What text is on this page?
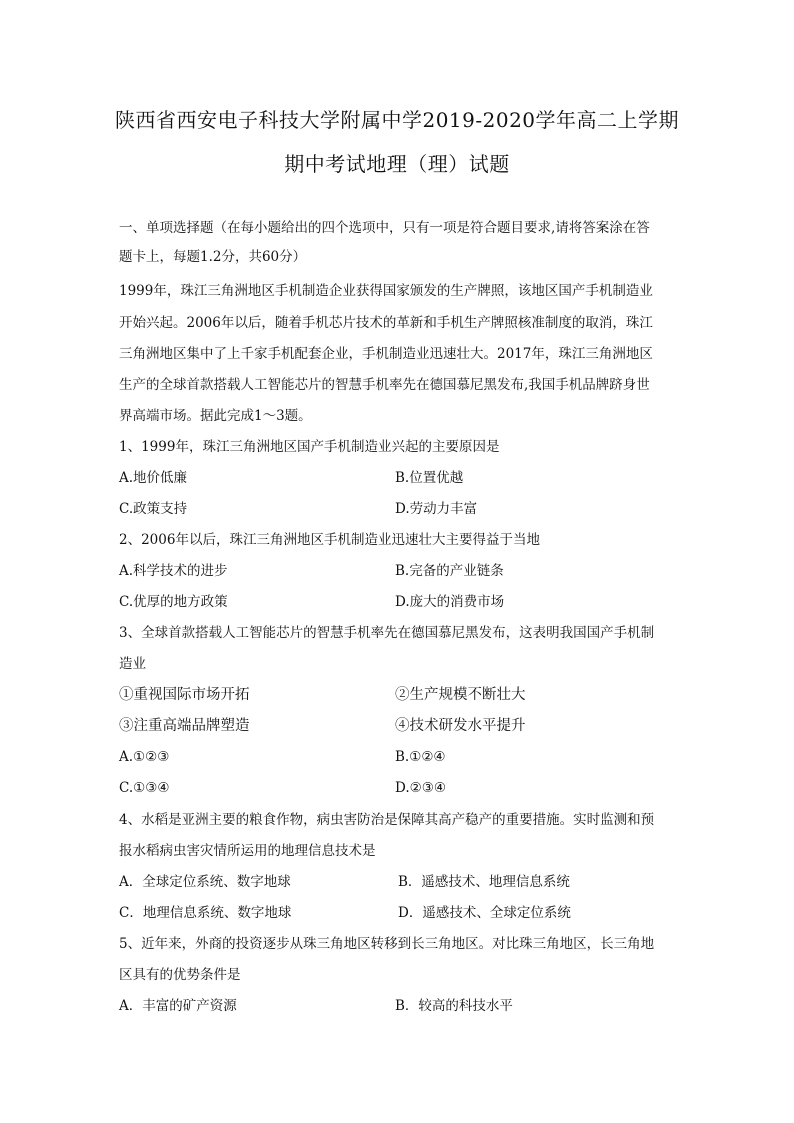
陕西省西安电子科技大学附属中学2019-2020学年高二上学期
期中考试地理（理）试题
一、单项选择题（在每小题给出的四个选项中，只有一项是符合题目要求,请将答案涂在答
题卡上，每题1.2分，共60分）
1999年，珠江三角洲地区手机制造企业获得国家颁发的生产牌照，该地区国产手机制造业
开始兴起。2006年以后，随着手机芯片技术的革新和手机生产牌照核准制度的取消，珠江
三角洲地区集中了上千家手机配套企业，手机制造业迅速壮大。2017年，珠江三角洲地区
生产的全球首款搭载人工智能芯片的智慧手机率先在德国慕尼黑发布,我国手机品牌跻身世
界高端市场。据此完成1～3题。
1、1999年，珠江三角洲地区国产手机制造业兴起的主要原因是
A.地价低廉	B.位置优越
C.政策支持	D.劳动力丰富
2、2006年以后，珠江三角洲地区手机制造业迅速壮大主要得益于当地
A.科学技术的进步	B.完备的产业链条
C.优厚的地方政策	D.庞大的消费市场
3、全球首款搭载人工智能芯片的智慧手机率先在德国慕尼黑发布，这表明我国国产手机制
造业
①重视国际市场开拓	②生产规模不断壮大
③注重高端品牌塑造	④技术研发水平提升
A.①②③	B.①②④
C.①③④	D.②③④
4、水稻是亚洲主要的粮食作物，病虫害防治是保障其高产稳产的重要措施。实时监测和预
报水稻病虫害灾情所运用的地理信息技术是
A．全球定位系统、数字地球	B．遥感技术、地理信息系统
C．地理信息系统、数字地球	D．遥感技术、全球定位系统
5、近年来，外商的投资逐步从珠三角地区转移到长三角地区。对比珠三角地区，长三角地
区具有的优势条件是
A．丰富的矿产资源	B．较高的科技水平
